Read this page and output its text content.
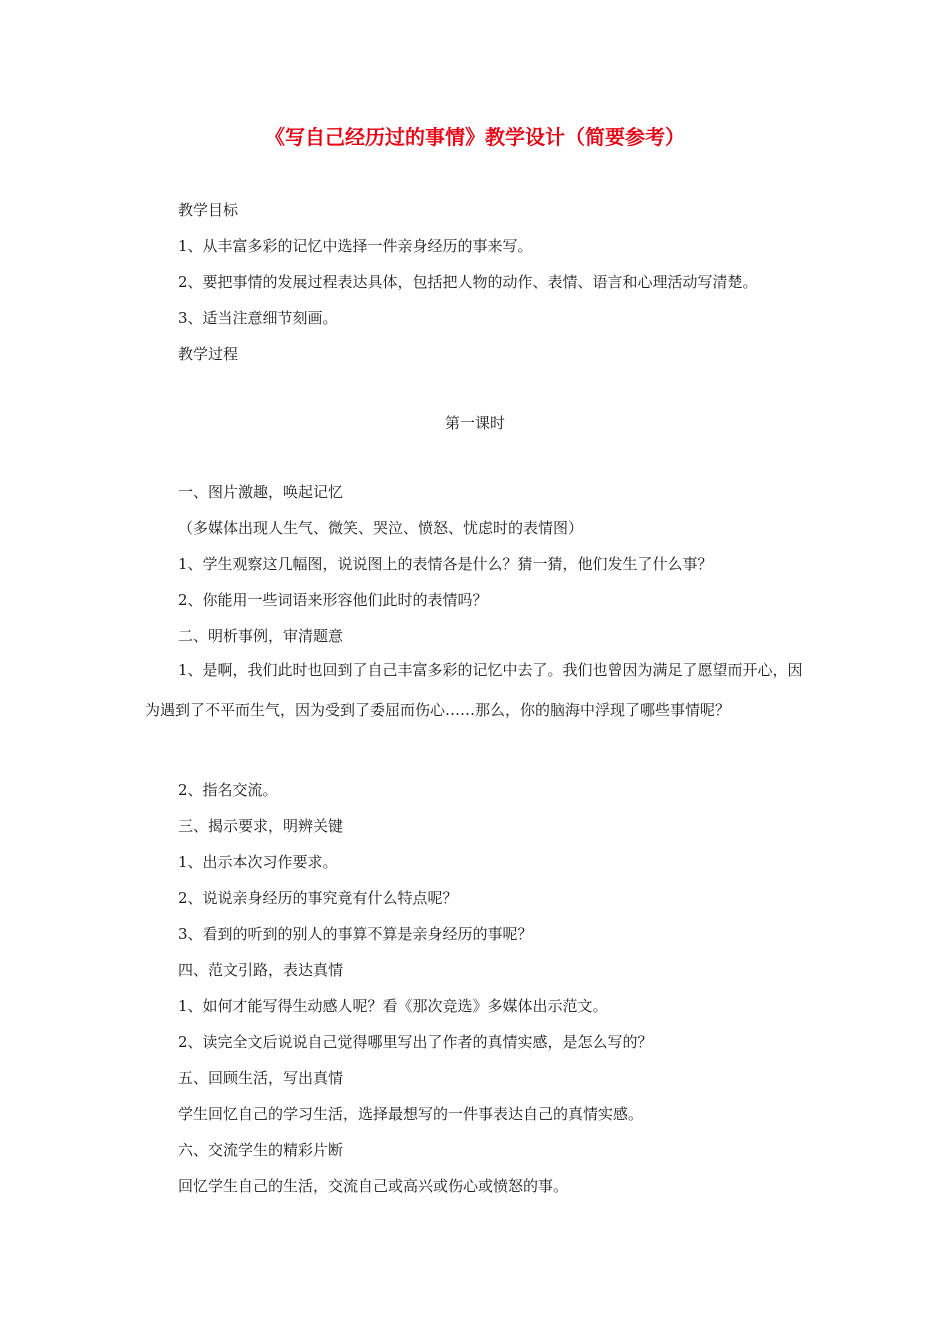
《写自己经历过的事情》教学设计（简要参考）

教学目标

1、从丰富多彩的记忆中选择一件亲身经历的事来写。

2、要把事情的发展过程表达具体，包括把人物的动作、表情、语言和心理活动写清楚。

3、适当注意细节刻画。

教学过程

第一课时

一、图片激趣，唤起记忆

（多媒体出现人生气、微笑、哭泣、愤怒、忧虑时的表情图）

1、学生观察这几幅图，说说图上的表情各是什么？猜一猜，他们发生了什么事？

2、你能用一些词语来形容他们此时的表情吗？

二、明析事例，审清题意

1、是啊，我们此时也回到了自己丰富多彩的记忆中去了。我们也曾因为满足了愿望而开心，因为遇到了不平而生气，因为受到了委屈而伤心……那么，你的脑海中浮现了哪些事情呢？

2、指名交流。

三、揭示要求，明辨关键

1、出示本次习作要求。

2、说说亲身经历的事究竟有什么特点呢？

3、看到的听到的别人的事算不算是亲身经历的事呢？

四、范文引路，表达真情

1、如何才能写得生动感人呢？看《那次竞选》多媒体出示范文。

2、读完全文后说说自己觉得哪里写出了作者的真情实感，是怎么写的？

五、回顾生活，写出真情

学生回忆自己的学习生活，选择最想写的一件事表达自己的真情实感。

六、交流学生的精彩片断

回忆学生自己的生活，交流自己或高兴或伤心或愤怒的事。
